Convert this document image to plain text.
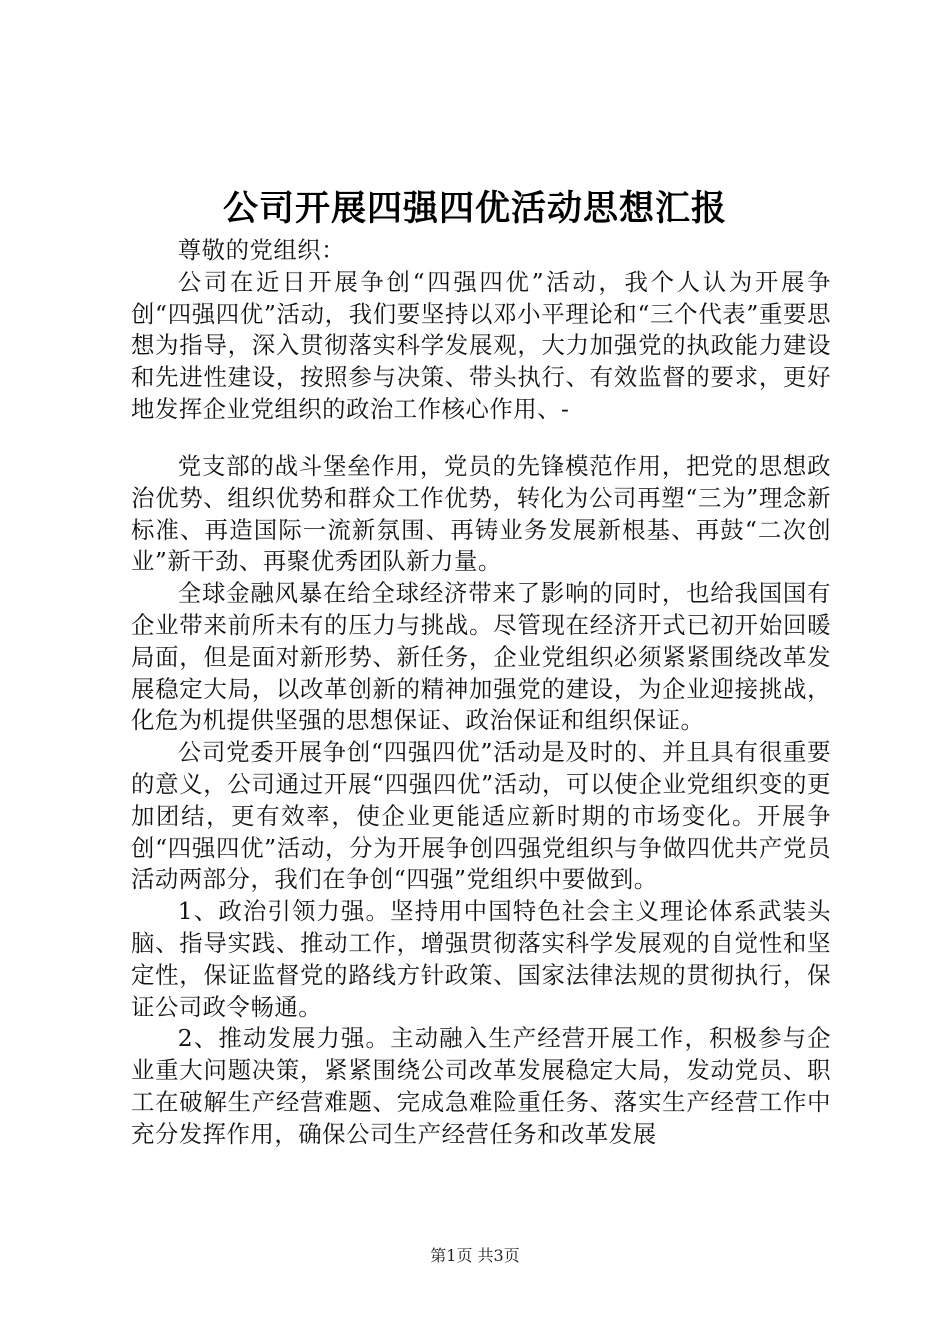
公司开展四强四优活动思想汇报

尊敬的党组织：

公司在近日开展争创“四强四优”活动，我个人认为开展争创“四强四优”活动，我们要坚持以邓小平理论和“三个代表”重要思想为指导，深入贯彻落实科学发展观，大力加强党的执政能力建设和先进性建设，按照参与决策、带头执行、有效监督的要求，更好地发挥企业党组织的政治工作核心作用、-

党支部的战斗堡垒作用，党员的先锋模范作用，把党的思想政治优势、组织优势和群众工作优势，转化为公司再塑“三为”理念新标准、再造国际一流新氛围、再铸业务发展新根基、再鼓“二次创业”新干劲、再聚优秀团队新力量。

全球金融风暴在给全球经济带来了影响的同时，也给我国国有企业带来前所未有的压力与挑战。尽管现在经济开式已初开始回暖局面，但是面对新形势、新任务，企业党组织必须紧紧围绕改革发展稳定大局，以改革创新的精神加强党的建设，为企业迎接挑战，化危为机提供坚强的思想保证、政治保证和组织保证。

公司党委开展争创“四强四优”活动是及时的、并且具有很重要的意义，公司通过开展“四强四优”活动，可以使企业党组织变的更加团结，更有效率，使企业更能适应新时期的市场变化。开展争创“四强四优”活动，分为开展争创四强党组织与争做四优共产党员活动两部分，我们在争创“四强”党组织中要做到。

1、政治引领力强。坚持用中国特色社会主义理论体系武装头脑、指导实践、推动工作，增强贯彻落实科学发展观的自觉性和坚定性，保证监督党的路线方针政策、国家法律法规的贯彻执行，保证公司政令畅通。

2、推动发展力强。主动融入生产经营开展工作，积极参与企业重大问题决策，紧紧围绕公司改革发展稳定大局，发动党员、职工在破解生产经营难题、完成急难险重任务、落实生产经营工作中充分发挥作用，确保公司生产经营任务和改革发展

第1页 共3页
